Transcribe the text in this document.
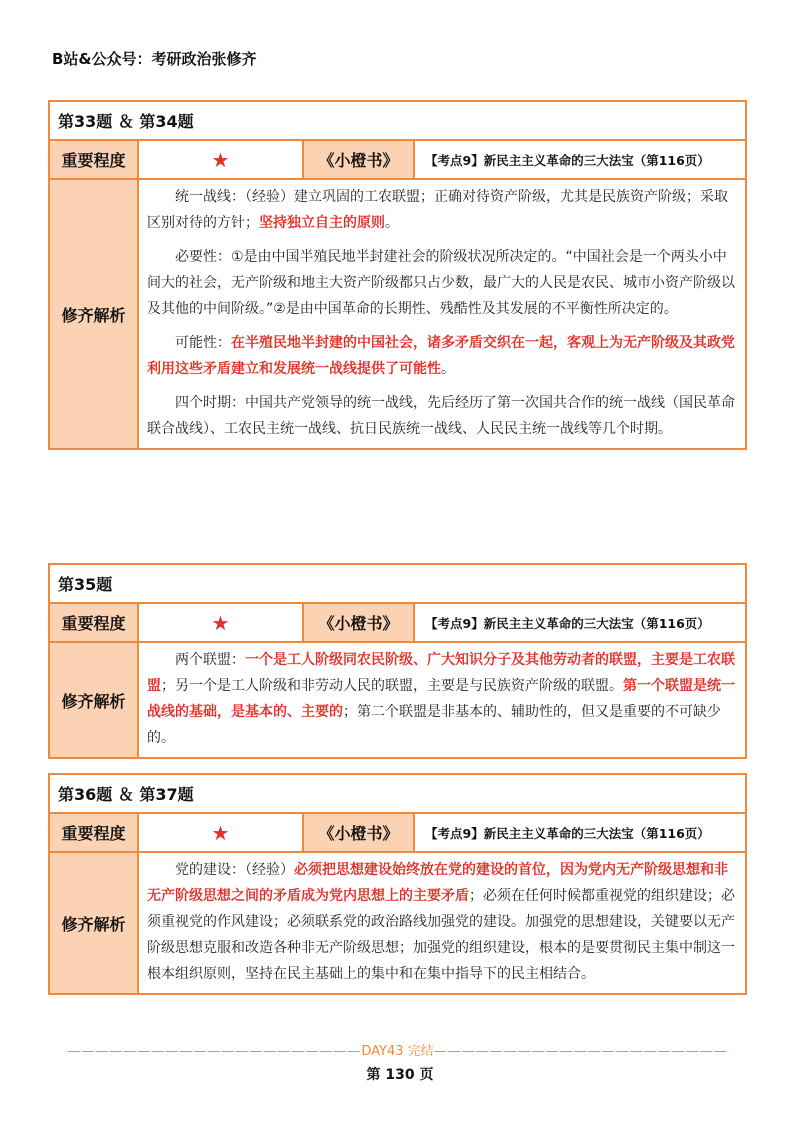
B站&公众号：考研政治张修齐
第33题 ＆ 第34题
重要程度	★	《小橙书》	【考点9】新民主主义革命的三大法宝（第116页）
修齐解析

统一战线：（经验）建立巩固的工农联盟；正确对待资产阶级，尤其是民族资产阶级；采取区别对待的方针；坚持独立自主的原则。

必要性：①是由中国半殖民地半封建社会的阶级状况所决定的。“中国社会是一个两头小中间大的社会，无产阶级和地主大资产阶级都只占少数，最广大的人民是农民、城市小资产阶级以及其他的中间阶级。”②是由中国革命的长期性、残酷性及其发展的不平衡性所决定的。

可能性：在半殖民地半封建的中国社会，诸多矛盾交织在一起，客观上为无产阶级及其政党利用这些矛盾建立和发展统一战线提供了可能性。

四个时期：中国共产党领导的统一战线，先后经历了第一次国共合作的统一战线（国民革命联合战线）、工农民主统一战线、抗日民族统一战线、人民民主统一战线等几个时期。

第35题
重要程度	★	《小橙书》	【考点9】新民主主义革命的三大法宝（第116页）
修齐解析

两个联盟：一个是工人阶级同农民阶级、广大知识分子及其他劳动者的联盟，主要是工农联盟；另一个是工人阶级和非劳动人民的联盟，主要是与民族资产阶级的联盟。第一个联盟是统一战线的基础，是基本的、主要的；第二个联盟是非基本的、辅助性的，但又是重要的不可缺少的。

第36题 ＆ 第37题
重要程度	★	《小橙书》	【考点9】新民主主义革命的三大法宝（第116页）
修齐解析

党的建设：（经验）必须把思想建设始终放在党的建设的首位，因为党内无产阶级思想和非无产阶级思想之间的矛盾成为党内思想上的主要矛盾；必须在任何时候都重视党的组织建设；必须重视党的作风建设；必须联系党的政治路线加强党的建设。加强党的思想建设，关键要以无产阶级思想克服和改造各种非无产阶级思想；加强党的组织建设，根本的是要贯彻民主集中制这一根本组织原则，坚持在民主基础上的集中和在集中指导下的民主相结合。

—————————————————————DAY43 完结—————————————————————
第 130 页
